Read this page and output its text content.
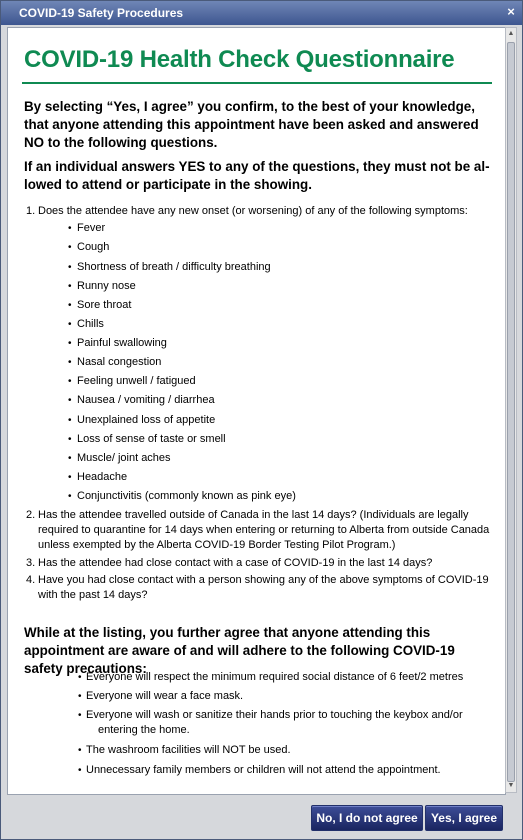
COVID-19 Safety Procedures	×
COVID-19 Health Check Questionnaire

By selecting “Yes, I agree” you confirm, to the best of your knowledge, that anyone attending this appointment have been asked and answered NO to the following questions.

If an individual answers YES to any of the questions, they must not be al-lowed to attend or participate in the showing.

1. Does the attendee have any new onset (or worsening) of any of the following symptoms:
• Fever
• Cough
• Shortness of breath / difficulty breathing
• Runny nose
• Sore throat
• Chills
• Painful swallowing
• Nasal congestion
• Feeling unwell / fatigued
• Nausea / vomiting / diarrhea
• Unexplained loss of appetite
• Loss of sense of taste or smell
• Muscle/ joint aches
• Headache
• Conjunctivitis (commonly known as pink eye)
2. Has the attendee travelled outside of Canada in the last 14 days? (Individuals are legally required to quarantine for 14 days when entering or returning to Alberta from outside Canada unless exempted by the Alberta COVID-19 Border Testing Pilot Program.)
3. Has the attendee had close contact with a case of COVID-19 in the last 14 days?
4. Have you had close contact with a person showing any of the above symptoms of COVID-19 with the past 14 days?

While at the listing, you further agree that anyone attending this appointment are aware of and will adhere to the following COVID-19 safety precautions:

• Everyone will respect the minimum required social distance of 6 feet/2 metres
• Everyone will wear a face mask.
• Everyone will wash or sanitize their hands prior to touching the keybox and/or
entering the home.
• The washroom facilities will NOT be used.
• Unnecessary family members or children will not attend the appointment.
▲
▼
No, I do not agree	Yes, I agree
